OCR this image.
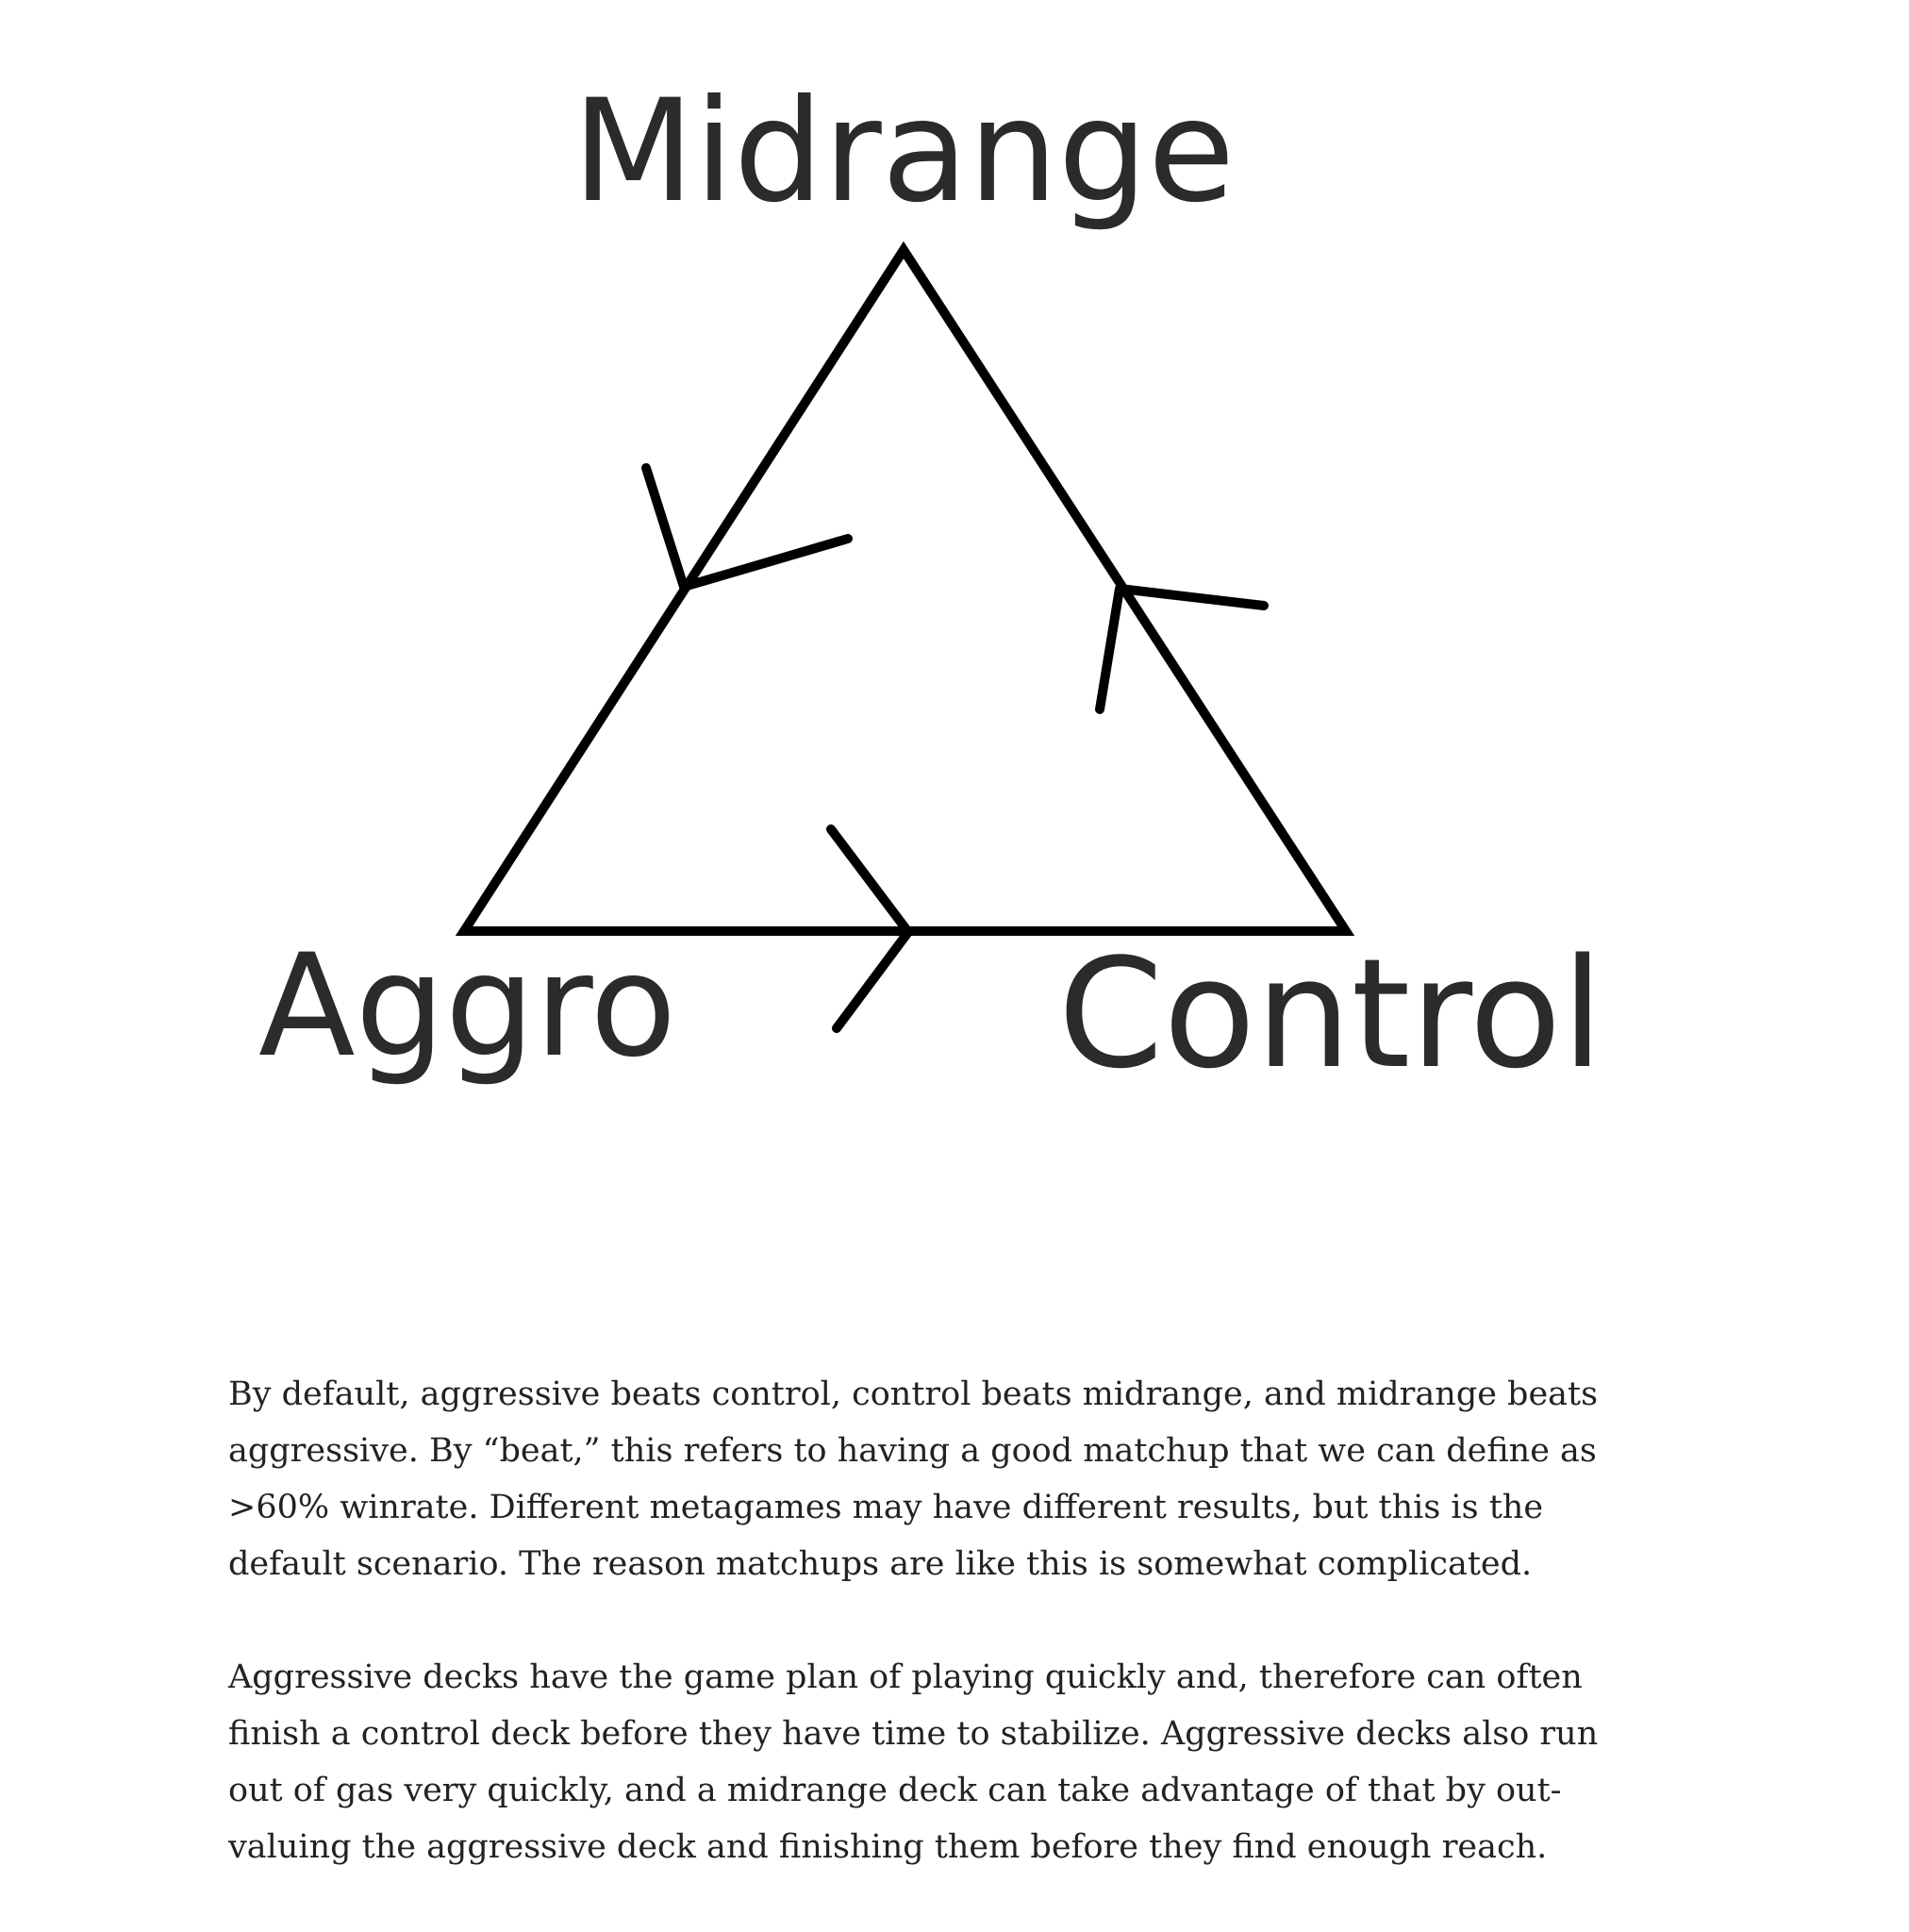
Midrange
Aggro	Control

By default, aggressive beats control, control beats midrange, and midrange beats
aggressive. By “beat,” this refers to having a good matchup that we can define as
>60% winrate. Different metagames may have different results, but this is the
default scenario. The reason matchups are like this is somewhat complicated.

Aggressive decks have the game plan of playing quickly and, therefore can often
finish a control deck before they have time to stabilize. Aggressive decks also run
out of gas very quickly, and a midrange deck can take advantage of that by out-
valuing the aggressive deck and finishing them before they find enough reach.
